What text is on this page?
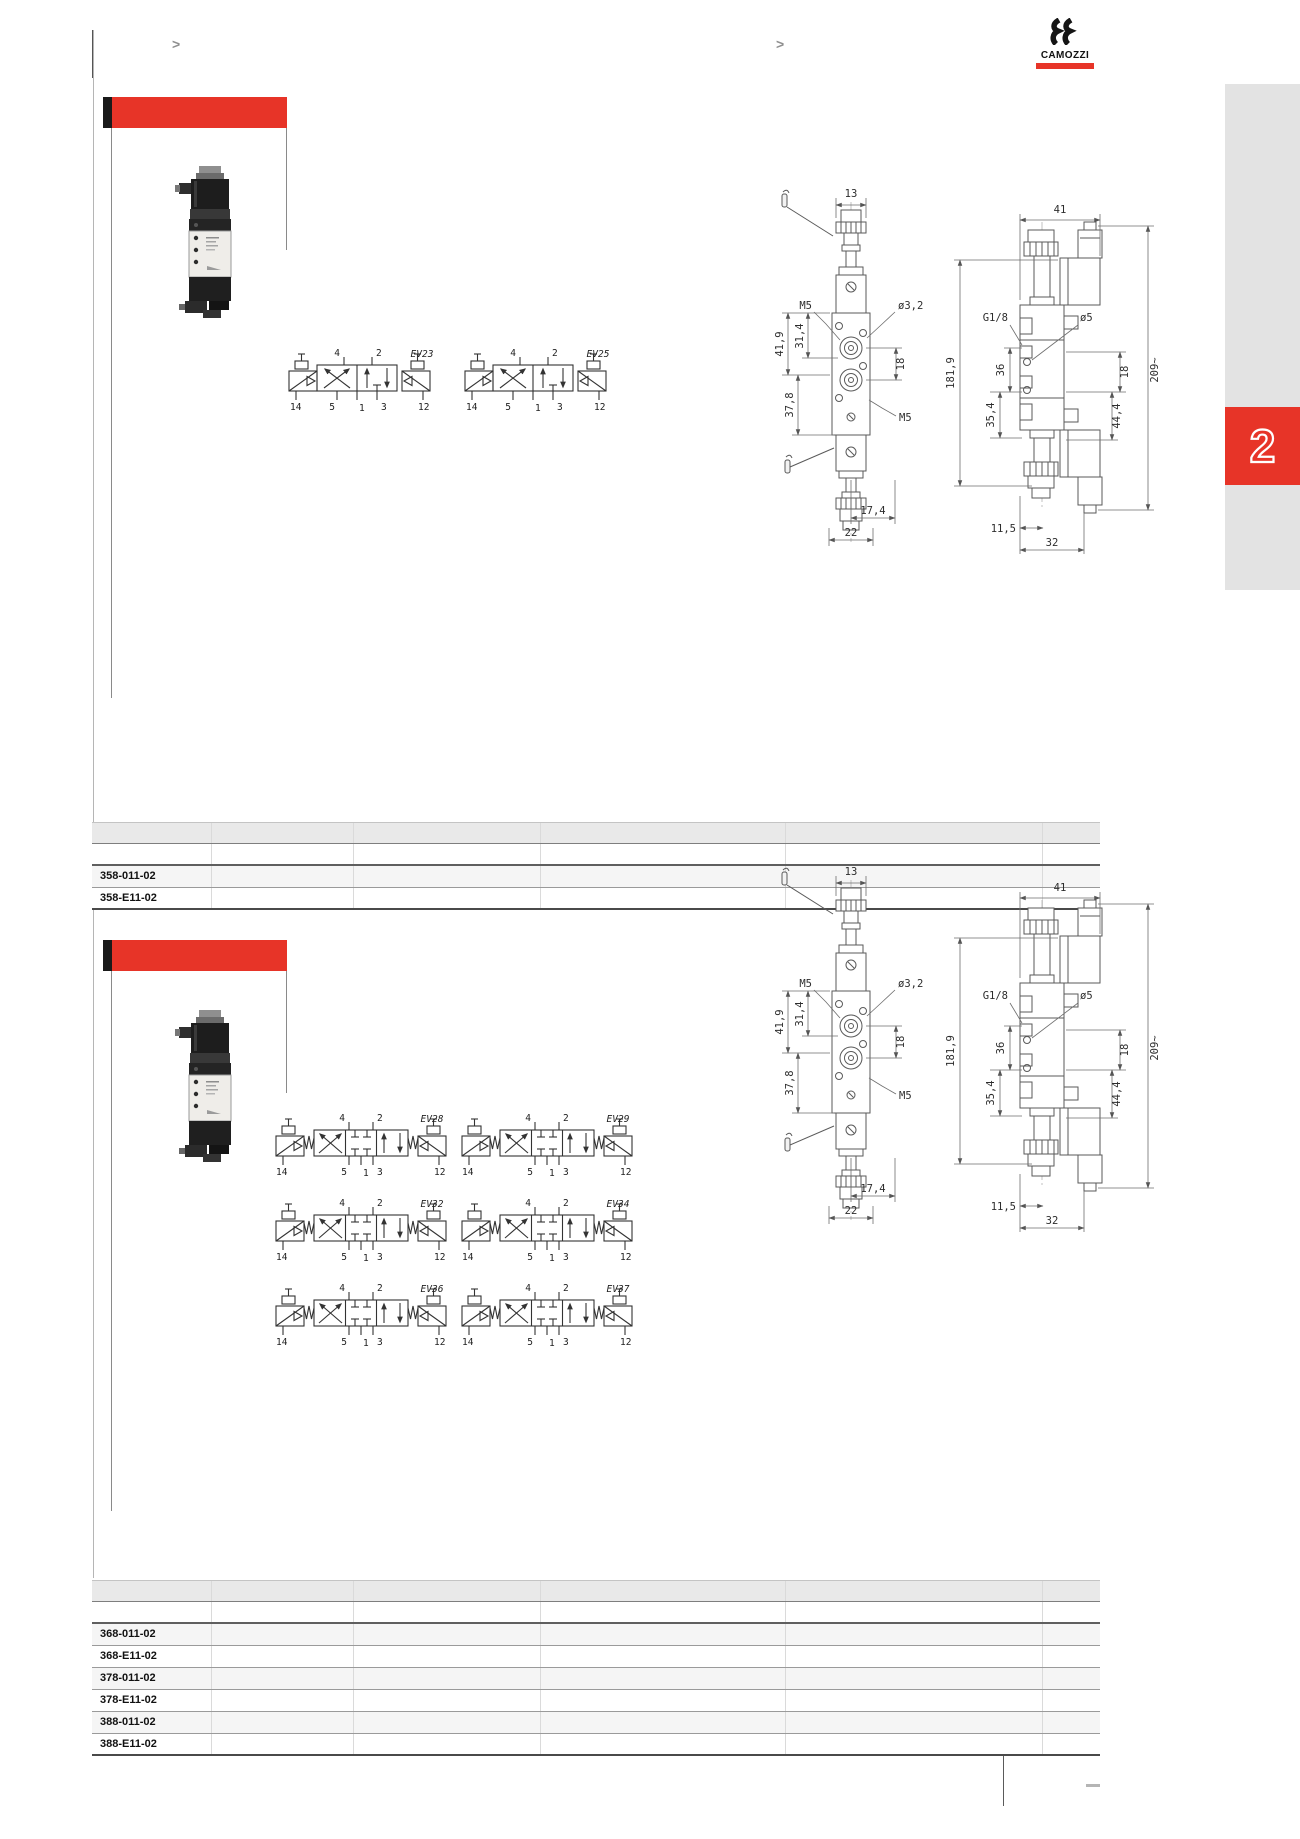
>	>
CAMOZZI
2
13
41,9 31,4
37,8
M5	ø3,2
18
M5
17,4
22
41
181,9
G1/8
36
35,4
ø5
18
44,4
209~
11,5
32
358-011-02
358-E11-02
13
41,9 31,4
37,8
M5	ø3,2
18
M5
17,4
22
41
181,9
G1/8
36
35,4
ø5
18
44,4
209~
11,5
32
368-011-02
368-E11-02
378-011-02
378-E11-02
388-011-02
388-E11-02
4	2
5	1 3
14	12
EV23	4	2
5	1 3
14	12
EV25
4	2
5 1 3
14	12
EV28	4	2
5 1 3
14	12
EV29
4	2
5 1 3
14	12
EV32	4	2
5 1 3
14	12
EV34
4	2
5 1 3
14	12
EV36	4	2
5 1 3
14	12
EV37
